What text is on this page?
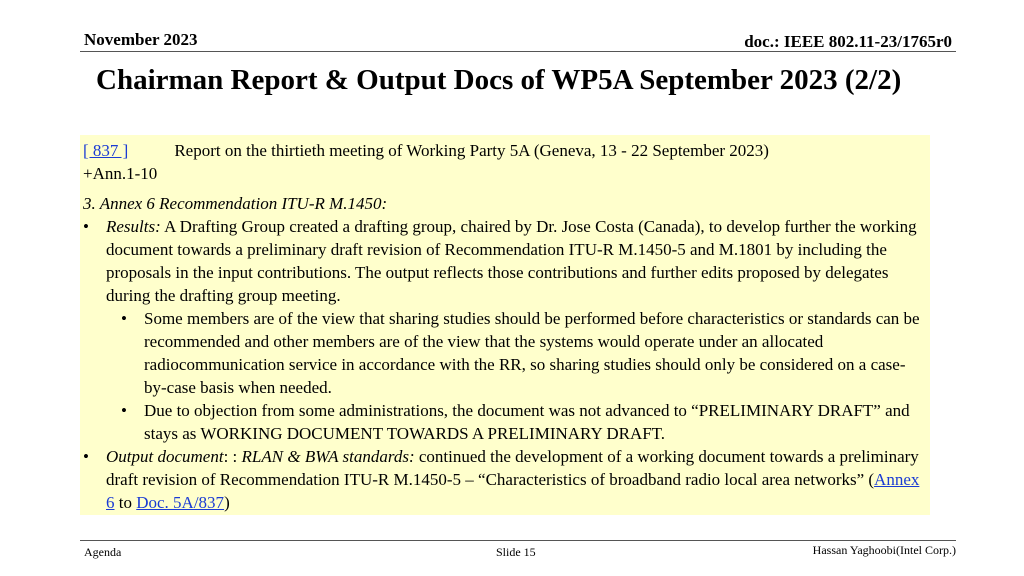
November 2023	doc.: IEEE 802.11-23/1765r0
Chairman Report & Output Docs of WP5A September 2023 (2/2)

[ 837 ]	Report on the thirtieth meeting of Working Party 5A (Geneva, 13 - 22 September 2023)

+Ann.1-10

3. Annex 6 Recommendation ITU-R M.1450:

•	Results: A Drafting Group created a drafting group, chaired by Dr. Jose Costa (Canada), to develop further the working document towards a preliminary draft revision of Recommendation ITU-R M.1450-5 and M.1801 by including the proposals in the input contributions. The output reflects those contributions and further edits proposed by delegates during the drafting group meeting.
•	Some members are of the view that sharing studies should be performed before characteristics or standards can be recommended and other members are of the view that the systems would operate under an allocated radiocommunication service in accordance with the RR, so sharing studies should only be considered on a case-by-case basis when needed.
•	Due to objection from some administrations, the document was not advanced to “PRELIMINARY DRAFT” and stays as WORKING DOCUMENT TOWARDS A PRELIMINARY DRAFT.
•	Output document: : RLAN & BWA standards: continued the development of a working document towards a preliminary draft revision of Recommendation ITU-R M.1450-5 – “Characteristics of broadband radio local area networks” (Annex 6 to Doc. 5A/837)
Agenda	Slide 15	Hassan Yaghoobi(Intel Corp.)
